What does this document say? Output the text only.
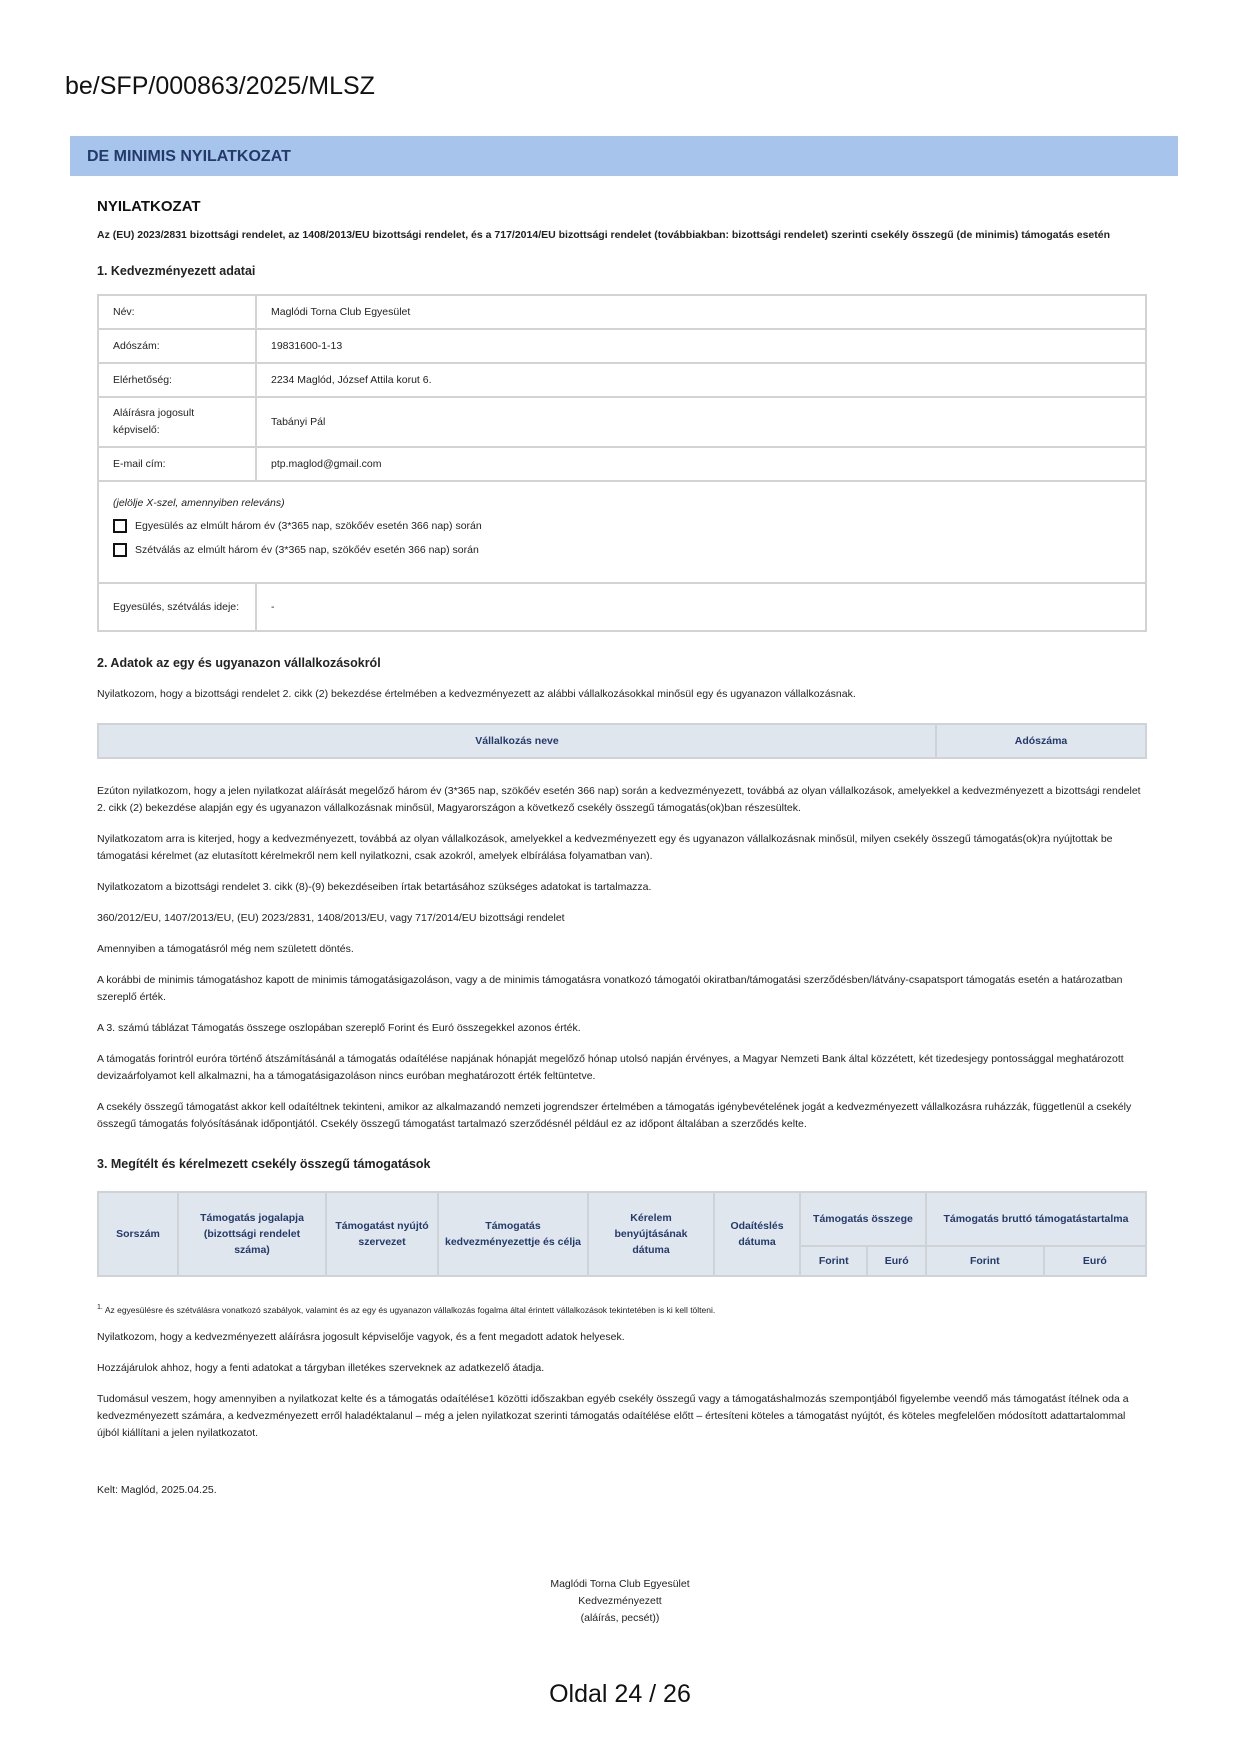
be/SFP/000863/2025/MLSZ
DE MINIMIS NYILATKOZAT
NYILATKOZAT
Az (EU) 2023/2831 bizottsági rendelet, az 1408/2013/EU bizottsági rendelet, és a 717/2014/EU bizottsági rendelet (továbbiakban: bizottsági rendelet) szerinti csekély összegű (de minimis) támogatás esetén
1. Kedvezményezett adatai
Név:	Maglódi Torna Club Egyesület
Adószám:	19831600-1-13
Elérhetőség:	2234 Maglód, József Attila korut 6.
Aláírásra jogosult képviselő:	Tabányi Pál
E-mail cím:	ptp.maglod@gmail.com

(jelölje X-szel, amennyiben releváns)
Egyesülés az elmúlt három év (3*365 nap, szökőév esetén 366 nap) során
Szétválás az elmúlt három év (3*365 nap, szökőév esetén 366 nap) során	

Egyesülés, szétválás ideje:	-
2. Adatok az egy és ugyanazon vállalkozásokról
Nyilatkozom, hogy a bizottsági rendelet 2. cikk (2) bekezdése értelmében a kedvezményezett az alábbi vállalkozásokkal minősül egy és ugyanazon vállalkozásnak.
Vállalkozás neve	Adószáma
Ezúton nyilatkozom, hogy a jelen nyilatkozat aláírását megelőző három év (3*365 nap, szökőév esetén 366 nap) során a kedvezményezett, továbbá az olyan vállalkozások, amelyekkel a kedvezményezett a bizottsági rendelet 2. cikk (2) bekezdése alapján egy és ugyanazon vállalkozásnak minősül, Magyarországon a következő csekély összegű támogatás(ok)ban részesültek.
Nyilatkozatom arra is kiterjed, hogy a kedvezményezett, továbbá az olyan vállalkozások, amelyekkel a kedvezményezett egy és ugyanazon vállalkozásnak minősül, milyen csekély összegű támogatás(ok)ra nyújtottak be támogatási kérelmet (az elutasított kérelmekről nem kell nyilatkozni, csak azokról, amelyek elbírálása folyamatban van).
Nyilatkozatom a bizottsági rendelet 3. cikk (8)-(9) bekezdéseiben írtak betartásához szükséges adatokat is tartalmazza.
360/2012/EU, 1407/2013/EU, (EU) 2023/2831, 1408/2013/EU, vagy 717/2014/EU bizottsági rendelet
Amennyiben a támogatásról még nem született döntés.
A korábbi de minimis támogatáshoz kapott de minimis támogatásigazoláson, vagy a de minimis támogatásra vonatkozó támogatói okiratban/támogatási szerződésben/látvány-csapatsport támogatás esetén a határozatban szereplő érték.
A 3. számú táblázat Támogatás összege oszlopában szereplő Forint és Euró összegekkel azonos érték.
A támogatás forintról euróra történő átszámításánál a támogatás odaítélése napjának hónapját megelőző hónap utolsó napján érvényes, a Magyar Nemzeti Bank által közzétett, két tizedesjegy pontossággal meghatározott devizaárfolyamot kell alkalmazni, ha a támogatásigazoláson nincs euróban meghatározott érték feltüntetve.
A csekély összegű támogatást akkor kell odaítéltnek tekinteni, amikor az alkalmazandó nemzeti jogrendszer értelmében a támogatás igénybevételének jogát a kedvezményezett vállalkozásra ruházzák, függetlenül a csekély összegű támogatás folyósításának időpontjától. Csekély összegű támogatást tartalmazó szerződésnél például ez az időpont általában a szerződés kelte.
3. Megítélt és kérelmezett csekély összegű támogatások
Sorszám	Támogatás jogalapja (bizottsági rendelet száma)	Támogatást nyújtó szervezet	Támogatás kedvezményezettje és célja	Kérelem benyújtásának dátuma	Odaítéslés dátuma	Támogatás összege		Támogatás bruttó támogatástartalma	
						Forint	Euró	Forint	Euró
$^{1.}$ Az egyesülésre és szétválásra vonatkozó szabályok, valamint és az egy és ugyanazon vállalkozás fogalma által érintett vállalkozások tekintetében is ki kell tölteni.
Nyilatkozom, hogy a kedvezményezett aláírásra jogosult képviselője vagyok, és a fent megadott adatok helyesek.
Hozzájárulok ahhoz, hogy a fenti adatokat a tárgyban illetékes szerveknek az adatkezelő átadja.
Tudomásul veszem, hogy amennyiben a nyilatkozat kelte és a támogatás odaítélése1 közötti időszakban egyéb csekély összegű vagy a támogatáshalmozás szempontjából figyelembe veendő más támogatást ítélnek oda a kedvezményezett számára, a kedvezményezett erről haladéktalanul – még a jelen nyilatkozat szerinti támogatás odaítélése előtt – értesíteni köteles a támogatást nyújtót, és köteles megfelelően módosított adattartalommal újból kiállítani a jelen nyilatkozatot.
Kelt: Maglód, 2025.04.25.
Maglódi Torna Club Egyesület
Kedvezményezett
(aláírás, pecsét))
Oldal 24 / 26
